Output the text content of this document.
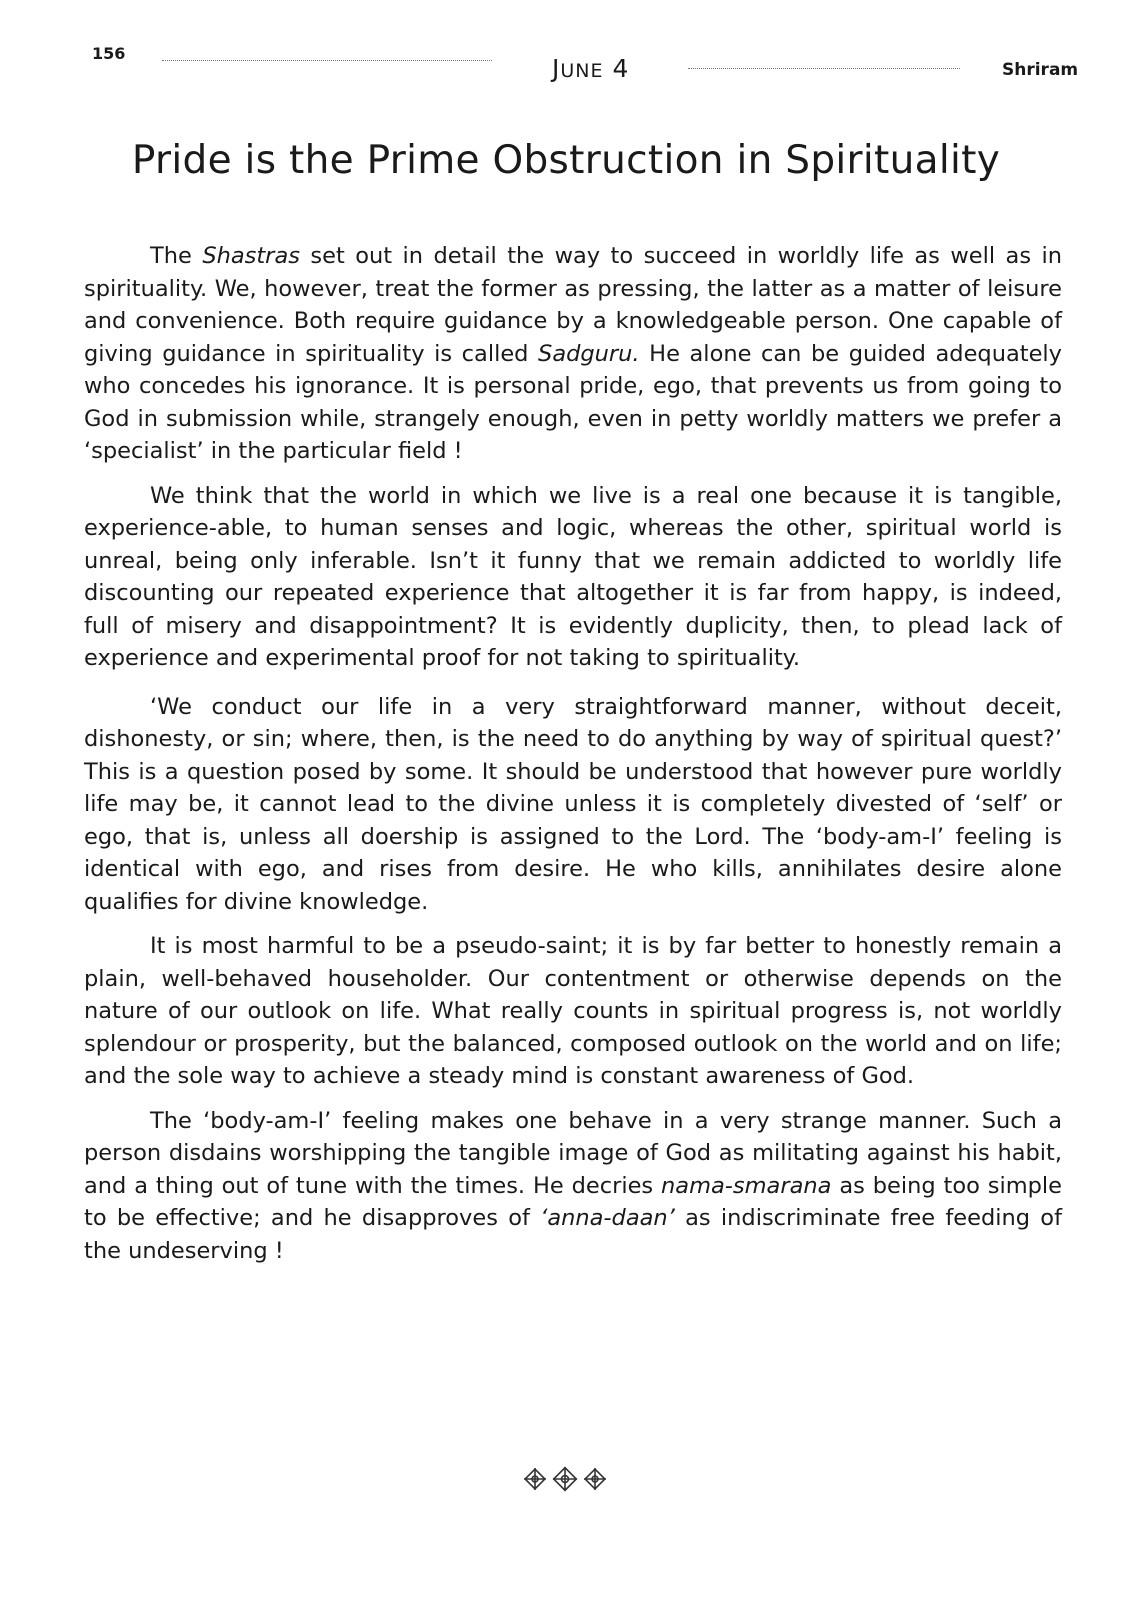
156
JUNE 4	Shriram
Pride is the Prime Obstruction in Spirituality

The Shastras set out in detail the way to succeed in worldly life as well as in spirituality. We, however, treat the former as pressing, the latter as a matter of leisure and convenience. Both require guidance by a knowledgeable person. One capable of giving guidance in spirituality is called Sadguru. He alone can be guided adequately who concedes his ignorance. It is personal pride, ego, that prevents us from going to God in submission while, strangely enough, even in petty worldly matters we prefer a ‘specialist’ in the particular field !

We think that the world in which we live is a real one because it is tangible, experience-able, to human senses and logic, whereas the other, spiritual world is unreal, being only inferable. Isn’t it funny that we remain addicted to worldly life discounting our repeated experience that altogether it is far from happy, is indeed, full of misery and disappointment? It is evidently duplicity, then, to plead lack of experience and experimental proof for not taking to spirituality.

‘We conduct our life in a very straightforward manner, without deceit, dishonesty, or sin; where, then, is the need to do anything by way of spiritual quest?’ This is a question posed by some. It should be understood that however pure worldly life may be, it cannot lead to the divine unless it is completely divested of ‘self’ or ego, that is, unless all doership is assigned to the Lord. The ‘body-am-I’ feeling is identical with ego, and rises from desire. He who kills, annihilates desire alone qualifies for divine knowledge.

It is most harmful to be a pseudo-saint; it is by far better to honestly remain a plain, well-behaved householder. Our contentment or otherwise depends on the nature of our outlook on life. What really counts in spiritual progress is, not worldly splendour or prosperity, but the balanced, composed outlook on the world and on life; and the sole way to achieve a steady mind is constant awareness of God.

The ‘body-am-I’ feeling makes one behave in a very strange manner. Such a person disdains worshipping the tangible image of God as militating against his habit, and a thing out of tune with the times. He decries nama-smarana as being too simple to be effective; and he disapproves of ‘anna-daan’ as indiscriminate free feeding of the undeserving !
